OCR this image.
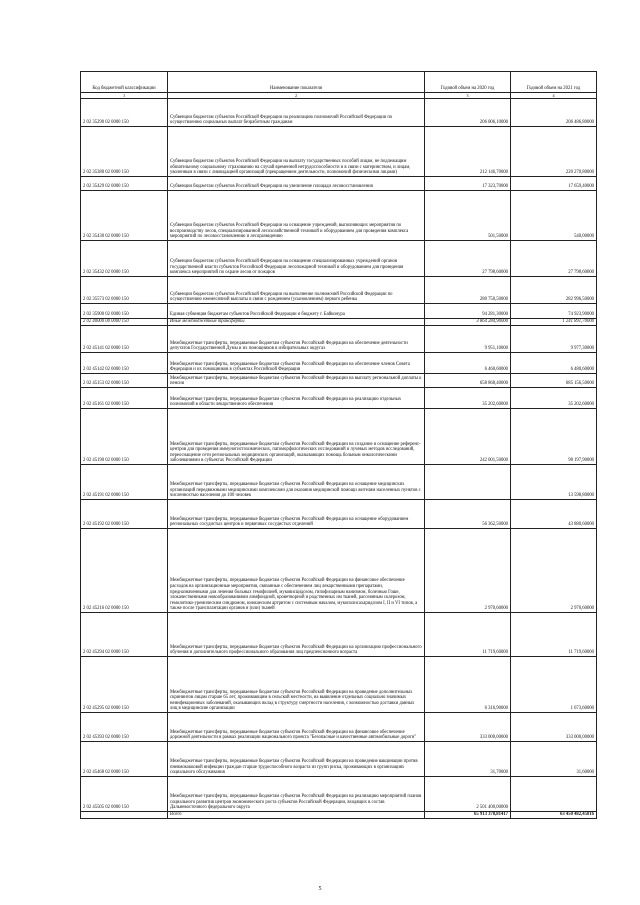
Код бюджетной классификации	Наименование показателя	Годовой объем на 2020 год	Годовой объем на 2021 год
1	2	3	4
2 02 35290 02 0000 150	Субвенции бюджетам субъектов Российской Федерации на реализацию полномочий Российской Федерации по осуществлению социальных выплат безработным гражданам	206 006,10000	206 486,80000
2 02 35380 02 0000 150	Субвенции бюджетам субъектов Российской Федерации на выплату государственных пособий лицам, не подлежащим обязательному социальному страхованию на случай временной нетрудоспособности и в связи с материнством, и лицам, уволенным в связи с ликвидацией организаций (прекращением деятельности, полномочий физическими лицами)	212 146,70000	220 270,80000
2 02 35429 02 0000 150	Субвенции бюджетам субъектов Российской Федерации на увеличение площади лесовосстановления	17 323,70000	17 659,40000
2 02 35430 02 0000 150	Субвенции бюджетам субъектов Российской Федерации на оснащение учреждений, выполняющих мероприятия по воспроизводству лесов, специализированной лесохозяйственной техникой и оборудованием для проведения комплекса мероприятий по лесовосстановлению и лесоразведению	501,50000	540,00000
2 02 35432 02 0000 150	Субвенции бюджетам субъектов Российской Федерации на оснащение специализированных учреждений органов государственной власти субъектов Российской Федерации лесопожарной техникой и оборудованием для проведения комплекса мероприятий по охране лесов от пожаров	27 798,60000	27 798,60000
2 02 35573 02 0000 150	Субвенции бюджетам субъектов Российской Федерации на выполнение полномочий Российской Федерации по осуществлению ежемесячной выплаты в связи с рождением (усыновлением) первого ребенка	280 750,50000	282 996,50000
2 02 35900 02 0000 150	Единая субвенция бюджетам субъектов Российской Федерации и бюджету г. Байконура	94 281,30000	74 923,90000
2 02 40000 00 0000 150	Иные межбюджетные трансферты	3 864 284,90000	1 241 891,70000
2 02 45141 02 0000 150	Межбюджетные трансферты, передаваемые бюджетам субъектов Российской Федерации на обеспечение деятельности депутатов Государственной Думы и их помощников в избирательных округах	9 951,10000	9 977,30000
2 02 45142 02 0000 150	Межбюджетные трансферты, передаваемые бюджетам субъектов Российской Федерации на обеспечение членов Совета Федерации и их помощников в субъектах Российской Федерации	6 460,60000	6 480,60000
2 02 45153 02 0000 150	Межбюджетные трансферты, передаваемые бюджетам субъектов Российской Федерации на выплату региональной доплаты к пенсии	658 868,40000	685 156,50000
2 02 45161 02 0000 150	Межбюджетные трансферты, передаваемые бюджетам субъектов Российской Федерации на реализацию отдельных полномочий в области лекарственного обеспечения	35 202,60000	35 202,60000
2 02 45190 02 0000 150	Межбюджетные трансферты, передаваемые бюджетам субъектов Российской Федерации на создание и оснащение референс-центров для проведения иммуногистохимических, патоморфологических исследований и лучевых методов исследований, переоснащение сети региональных медицинских организаций, оказывающих помощь больным онкологическими заболеваниями в субъектах Российской Федерации	242 001,50000	98 197,90000
2 02 45191 02 0000 150	Межбюджетные трансферты, передаваемые бюджетам субъектов Российской Федерации на оснащение медицинских организаций передвижными медицинскими комплексами для оказания медицинской помощи жителям населенных пунктов с численностью населения до 100 человек		13 598,80000
2 02 45192 02 0000 150	Межбюджетные трансферты, передаваемые бюджетам субъектов Российской Федерации на оснащение оборудованием региональных сосудистых центров и первичных сосудистых отделений	56 362,50000	43 880,60000
2 02 45216 02 0000 150	Межбюджетные трансферты, передаваемые бюджетам субъектов Российской Федерации на финансовое обеспечение расходов на организационные мероприятия, связанные с обеспечением лиц лекарственными препаратами, предназначенными для лечения больных гемофилией, муковисцидозом, гипофизарным нанизмом, болезнью Гоше, злокачественными новообразованиями лимфоидной, кроветворной и родственных им тканей, рассеянным склерозом, гемолитико-уремическим синдромом, юношеским артритом с системным началом, мукополисахаридозом I, II и VI типов, а также после трансплантации органов и (или) тканей	2 970,60000	2 970,60000
2 02 45294 02 0000 150	Межбюджетные трансферты, передаваемые бюджетам субъектов Российской Федерации на организацию профессионального обучения и дополнительного профессионального образования лиц предпенсионного возраста	11 719,60000	11 719,60000
2 02 45295 02 0000 150	Межбюджетные трансферты, передаваемые бюджетам субъектов Российской Федерации на проведение дополнительных скринингов лицам старше 65 лет, проживающим в сельской местности, на выявление отдельных социально значимых неинфекционных заболеваний, оказывающих вклад в структуру смертности населения, с возможностью доставки данных лиц в медицинские организации	6 316,90000	1 673,60000
2 02 45393 02 0000 150	Межбюджетные трансферты, передаваемые бюджетам субъектов Российской Федерации на финансовое обеспечение дорожной деятельности в рамках реализации национального проекта "Безопасные и качественные автомобильные дороги"	333 000,00000	333 000,00000
2 02 45468 02 0000 150	Межбюджетные трансферты, передаваемые бюджетам субъектов Российской Федерации на проведение вакцинации против пневмококковой инфекции граждан старше трудоспособного возраста из групп риска, проживающих в организациях социального обслуживания	31,70000	31,60000
2 02 45505 02 0000 150	Межбюджетные трансферты, передаваемые бюджетам субъектов Российской Федерации на реализацию мероприятий планов социального развития центров экономического роста субъектов Российской Федерации, входящих в состав Дальневосточного федерального округа	2 501 400,00000	
	Всего	65 913 370,81417	63 450 482,45816
5
